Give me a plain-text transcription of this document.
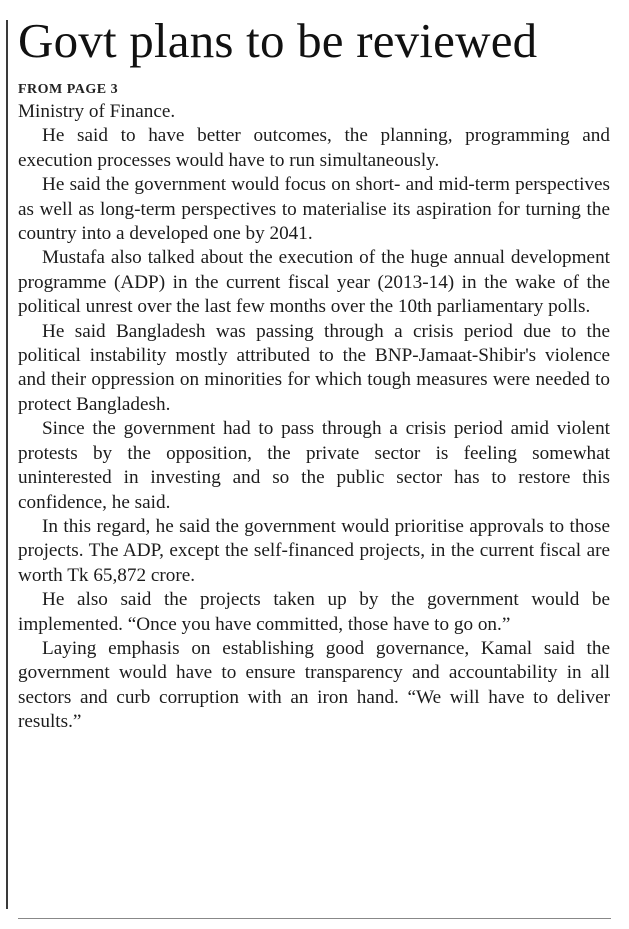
Govt plans to be reviewed
FROM PAGE 3

Ministry of Finance.

He said to have better outcomes, the planning, programming and execution processes would have to run simultaneously.

He said the government would focus on short- and mid-term perspectives as well as long-term perspectives to materialise its aspiration for turning the country into a developed one by 2041.

Mustafa also talked about the execution of the huge annual development programme (ADP) in the current fiscal year (2013-14) in the wake of the political unrest over the last few months over the 10th parliamentary polls.

He said Bangladesh was passing through a crisis period due to the political instability mostly attributed to the BNP-Jamaat-Shibir's violence and their oppression on minorities for which tough measures were needed to protect Bangladesh.

Since the government had to pass through a crisis period amid violent protests by the opposition, the private sector is feeling somewhat uninterested in investing and so the public sector has to restore this confidence, he said.

In this regard, he said the government would prioritise approvals to those projects. The ADP, except the self-financed projects, in the current fiscal are worth Tk 65,872 crore.

He also said the projects taken up by the government would be implemented. “Once you have committed, those have to go on.”

Laying emphasis on establishing good governance, Kamal said the government would have to ensure transparency and accountability in all sectors and curb corruption with an iron hand. “We will have to deliver results.”
